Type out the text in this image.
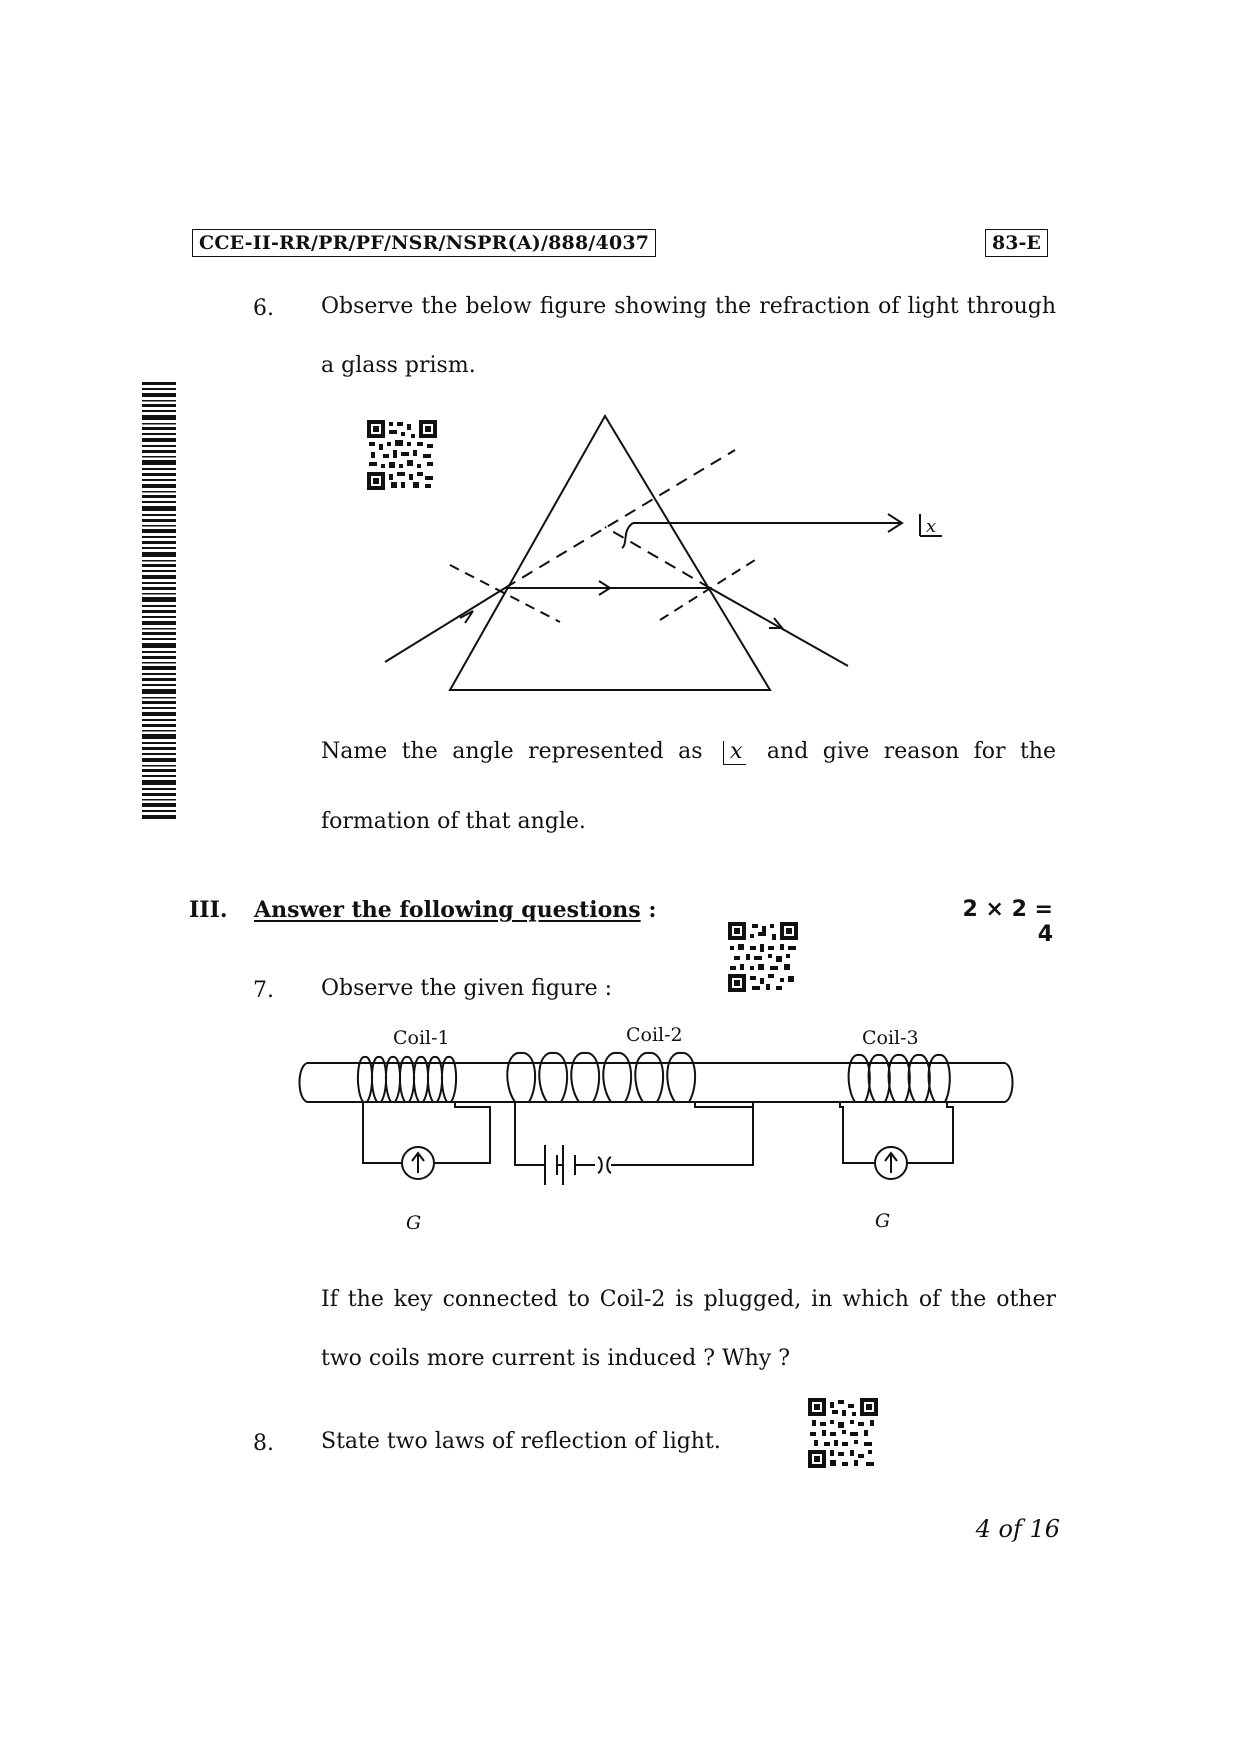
CCE-II-RR/PR/PF/NSR/NSPR(A)/888/4037	83-E
6. Observe the below figure showing the refraction of light through
a glass prism.
x
Name the angle represented as x and give reason for the
formation of that angle.
III. Answer the following questions :	2 × 2 = 4
7. Observe the given figure :
Coil-1	Coil-2	Coil-3
G	G
If the key connected to Coil-2 is plugged, in which of the other
two coils more current is induced ? Why ?
8. State two laws of reflection of light.
4 of 16
